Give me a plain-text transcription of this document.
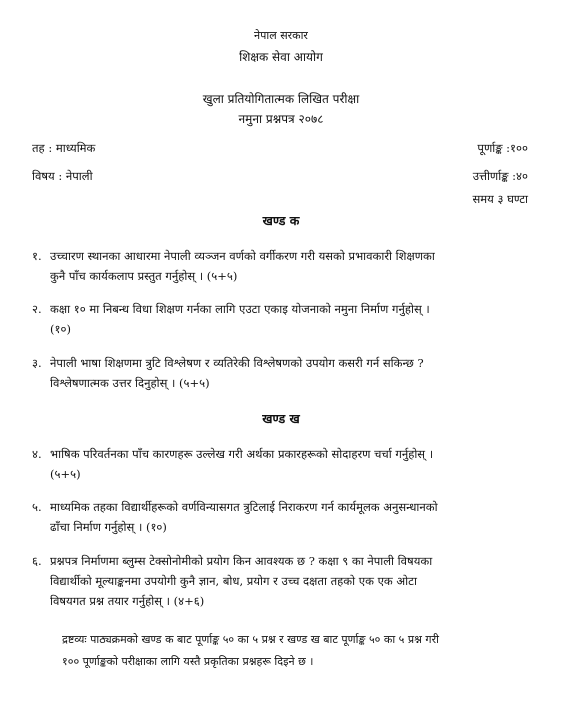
नेपाल सरकार
शिक्षक सेवा आयोग
खुला प्रतियोगितात्मक लिखित परीक्षा
नमुना प्रश्नपत्र २०७८
तह : माध्यमिक	पूर्णाङ्क :१००
विषय : नेपाली	उत्तीर्णाङ्क :४०
समय ३ घण्टा
खण्ड क
१. उच्चारण स्थानका आधारमा नेपाली व्यञ्जन वर्णको वर्गीकरण गरी यसको प्रभावकारी शिक्षणका
कुनै पाँच कार्यकलाप प्रस्तुत गर्नुहोस् । (५+५)
२. कक्षा १० मा निबन्ध विधा शिक्षण गर्नका लागि एउटा एकाइ योजनाको नमुना निर्माण गर्नुहोस् ।
(१०)
३. नेपाली भाषा शिक्षणमा त्रुटि विश्लेषण र व्यतिरेकी विश्लेषणको उपयोग कसरी गर्न सकिन्छ ?
विश्लेषणात्मक उत्तर दिनुहोस् । (५+५)
खण्ड ख
४. भाषिक परिवर्तनका पाँच कारणहरू उल्लेख गरी अर्थका प्रकारहरूको सोदाहरण चर्चा गर्नुहोस् ।
(५+५)
५. माध्यमिक तहका विद्यार्थीहरूको वर्णविन्यासगत त्रुटिलाई निराकरण गर्न कार्यमूलक अनुसन्धानको
ढाँचा निर्माण गर्नुहोस् । (१०)
६. प्रश्नपत्र निर्माणमा ब्लुम्स टेक्सोनोमीको प्रयोग किन आवश्यक छ ? कक्षा ९ का नेपाली विषयका
विद्यार्थीको मूल्याङ्कनमा उपयोगी कुनै ज्ञान, बोध, प्रयोग र उच्च दक्षता तहको एक एक ओटा
विषयगत प्रश्न तयार गर्नुहोस् । (४+६)
द्रष्टव्यः पाठ्यक्रमको खण्ड क बाट पूर्णाङ्क ५० का ५ प्रश्न र खण्ड ख बाट पूर्णाङ्क ५० का ५ प्रश्न गरी
१०० पूर्णाङ्कको परीक्षाका लागि यस्तै प्रकृतिका प्रश्नहरू दिइने छ ।
